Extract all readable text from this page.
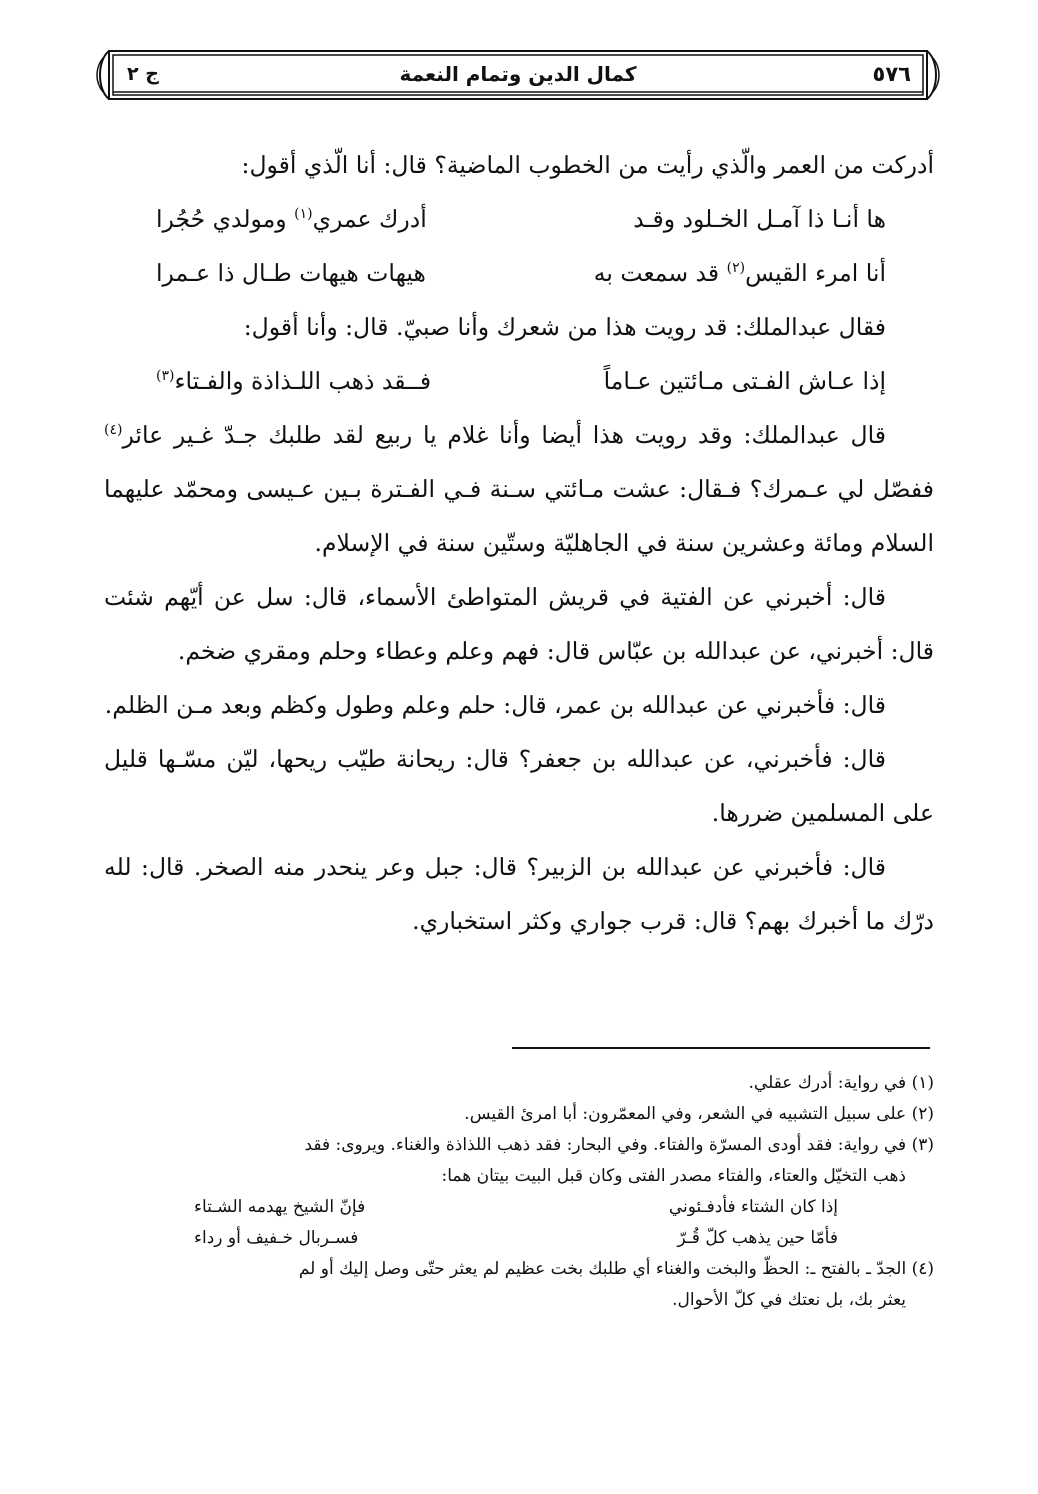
٥٧٦
كمال الدين وتمام النعمة
ج ٢

أدركت من العمر والّذي رأيت من الخطوب الماضية؟ قال: أنا الّذي أقول:

ها أنـا ذا آمـل الخـلود وقـد
أدرك عمري$^{(١)}$ ومولدي حُجُرا
أنا امرء القيس$^{(٢)}$ قد سمعت به
هيهات هيهات طـال ذا عـمرا

فقال عبدالملك: قد رويت هذا من شعرك وأنا صبيّ. قال: وأنا أقول:

إذا عـاش الفـتى مـائتين عـاماً
فــقد ذهب اللـذاذة والفـتاء$^{(٣)}$

قال عبدالملك: وقد رويت هذا أيضا وأنا غلام يا ربيع لقد طلبك جـدّ غـير عائر$^{(٤)}$ ففصّل لي عـمرك؟ فـقال: عشت مـائتي سـنة فـي الفـترة بـين عـيسى ومحمّد عليهما السلام ومائة وعشرين سنة في الجاهليّة وستّين سنة في الإسلام.

قال: أخبرني عن الفتية في قريش المتواطئ الأسماء، قال: سل عن أيّهم شئت قال: أخبرني، عن عبدالله بن عبّاس قال: فهم وعلم وعطاء وحلم ومقري ضخم.

قال: فأخبرني عن عبدالله بن عمر، قال: حلم وعلم وطول وكظم وبعد مـن الظلم.

قال: فأخبرني، عن عبدالله بن جعفر؟ قال: ريحانة طيّب ريحها، ليّن مسّـها قليل على المسلمين ضررها.

قال: فأخبرني عن عبدالله بن الزبير؟ قال: جبل وعر ينحدر منه الصخر. قال: لله درّك ما أخبرك بهم؟ قال: قرب جواري وكثر استخباري.

(١) في رواية: أدرك عقلي.

(٢) على سبيل التشبيه في الشعر، وفي المعمّرون: أبا امرئ القيس.

(٣) في رواية: فقد أودى المسرّة والفتاء. وفي البحار: فقد ذهب اللذاذة والغناء. ويروى: فقد

ذهب التخيّل والعتاء، والفتاء مصدر الفتى وكان قبل البيت بيتان هما:

إذا كان الشتاء فأدفـئوني
فإنّ الشيخ يهدمه الشـتاء
فأمّا حين يذهب كلّ قُـرّ
فسـربال خـفيف أو رداء

(٤) الجدّ ـ بالفتح ـ: الحظّ والبخت والغناء أي طلبك بخت عظيم لم يعثر حتّى وصل إليك أو لم

يعثر بك، بل نعتك في كلّ الأحوال.
